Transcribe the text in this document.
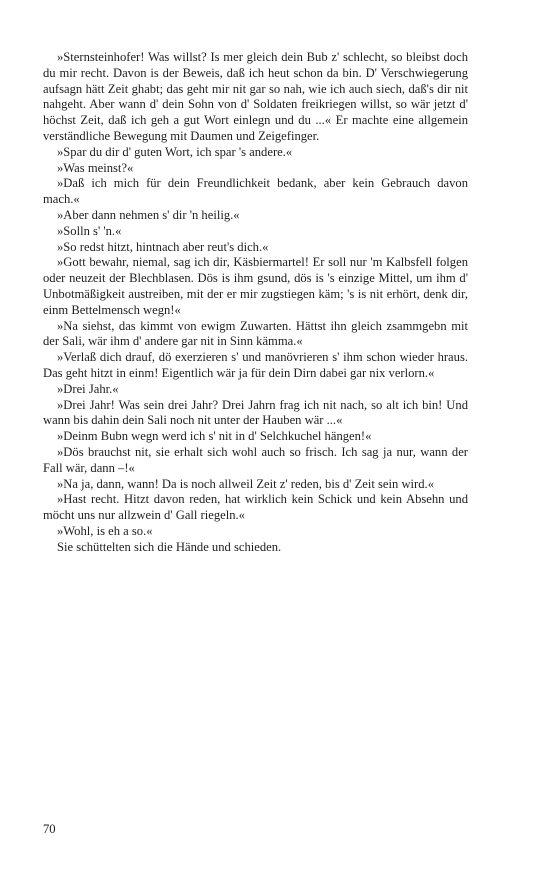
»Sternsteinhofer! Was willst? Is mer gleich dein Bub z' schlecht, so bleibst doch du mir recht. Davon is der Beweis, daß ich heut schon da bin. D' Verschwiegerung aufsagn hätt Zeit ghabt; das geht mir nit gar so nah, wie ich auch siech, daß's dir nit nahgeht. Aber wann d' dein Sohn von d' Soldaten freikriegen willst, so wär jetzt d' höchst Zeit, daß ich geh a gut Wort einlegn und du ...« Er machte eine allgemein verständliche Bewegung mit Daumen und Zeigefinger.

»Spar du dir d' guten Wort, ich spar 's andere.«

»Was meinst?«

»Daß ich mich für dein Freundlichkeit bedank, aber kein Gebrauch davon mach.«

»Aber dann nehmen s' dir 'n heilig.«

»Solln s' 'n.«

»So redst hitzt, hintnach aber reut's dich.«

»Gott bewahr, niemal, sag ich dir, Käsbiermartel! Er soll nur 'm Kalbsfell folgen oder neuzeit der Blechblasen. Dös is ihm gsund, dös is 's einzige Mittel, um ihm d' Unbotmäßigkeit austreiben, mit der er mir zugstiegen käm; 's is nit erhört, denk dir, einm Bettelmensch wegn!«

»Na siehst, das kimmt von ewigm Zuwarten. Hättst ihn gleich zsammgebn mit der Sali, wär ihm d' andere gar nit in Sinn kämma.«

»Verlaß dich drauf, dö exerzieren s' und manövrieren s' ihm schon wieder hraus. Das geht hitzt in einm! Eigentlich wär ja für dein Dirn dabei gar nix verlorn.«

»Drei Jahr.«

»Drei Jahr! Was sein drei Jahr? Drei Jahrn frag ich nit nach, so alt ich bin! Und wann bis dahin dein Sali noch nit unter der Hauben wär ...«

»Deinm Bubn wegn werd ich s' nit in d' Selchkuchel hängen!«

»Dös brauchst nit, sie erhalt sich wohl auch so frisch. Ich sag ja nur, wann der Fall wär, dann –!«

»Na ja, dann, wann! Da is noch allweil Zeit z' reden, bis d' Zeit sein wird.«

»Hast recht. Hitzt davon reden, hat wirklich kein Schick und kein Absehn und möcht uns nur allzwein d' Gall riegeln.«

»Wohl, is eh a so.«

Sie schüttelten sich die Hände und schieden.

70
